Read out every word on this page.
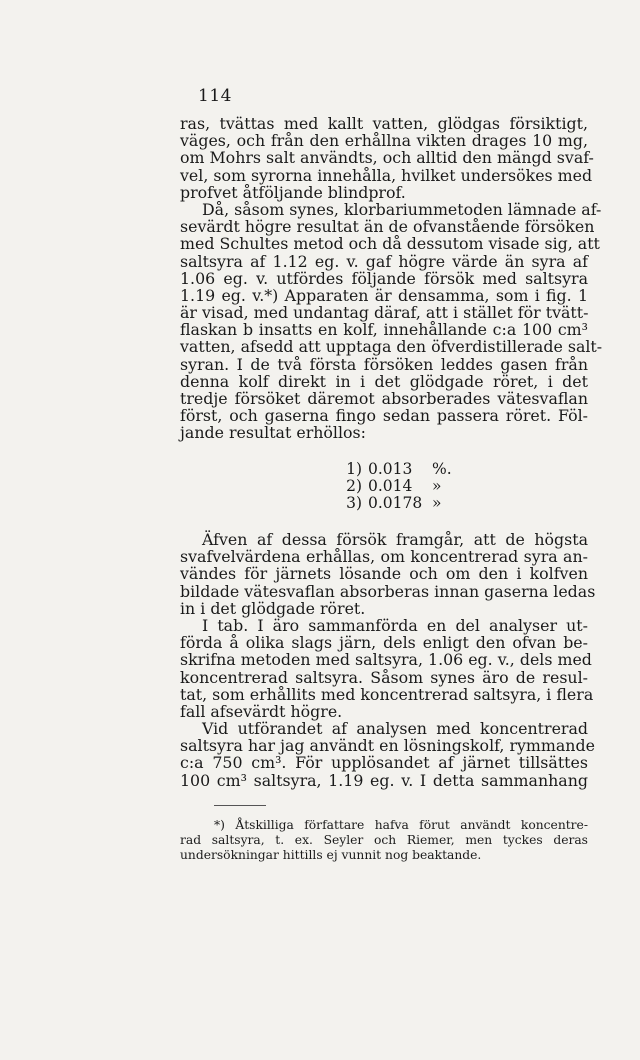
114
ras, tvättas med kallt vatten, glödgas försiktigt,
väges, och från den erhållna vikten drages 10 mg,
om Mohrs salt användts, och alltid den mängd svaf-
vel, som syrorna innehålla, hvilket undersökes med
profvet åtföljande blindprof.
Då, såsom synes, klorbariummetoden lämnade af-
sevärdt högre resultat än de ofvanstående försöken
med Schultes metod och då dessutom visade sig, att
saltsyra af 1.12 eg. v. gaf högre värde än syra af
1.06 eg. v. utfördes följande försök med saltsyra
1.19 eg. v.*) Apparaten är densamma, som i fig. 1
är visad, med undantag däraf, att i stället för tvätt-
flaskan b insatts en kolf, innehållande c:a 100 cm³
vatten, afsedd att upptaga den öfverdistillerade salt-
syran. I de två första försöken leddes gasen från
denna kolf direkt in i det glödgade röret, i det
tredje försöket däremot absorberades vätesvaflan
först, och gaserna fingo sedan passera röret. Föl-
jande resultat erhöllos:
1) 0.013 %.
2) 0.014 »
3) 0.0178 »
Äfven af dessa försök framgår, att de högsta
svafvelvärdena erhållas, om koncentrerad syra an-
vändes för järnets lösande och om den i kolfven
bildade vätesvaflan absorberas innan gaserna ledas
in i det glödgade röret.
I tab. I äro sammanförda en del analyser ut-
förda å olika slags järn, dels enligt den ofvan be-
skrifna metoden med saltsyra, 1.06 eg. v., dels med
koncentrerad saltsyra. Såsom synes äro de resul-
tat, som erhållits med koncentrerad saltsyra, i flera
fall afsevärdt högre.
Vid utförandet af analysen med koncentrerad
saltsyra har jag användt en lösningskolf, rymmande
c:a 750 cm³. För upplösandet af järnet tillsättes
100 cm³ saltsyra, 1.19 eg. v. I detta sammanhang
*) Åtskilliga författare hafva förut användt koncentre-
rad saltsyra, t. ex. Seyler och Riemer, men tyckes deras
undersökningar hittills ej vunnit nog beaktande.
